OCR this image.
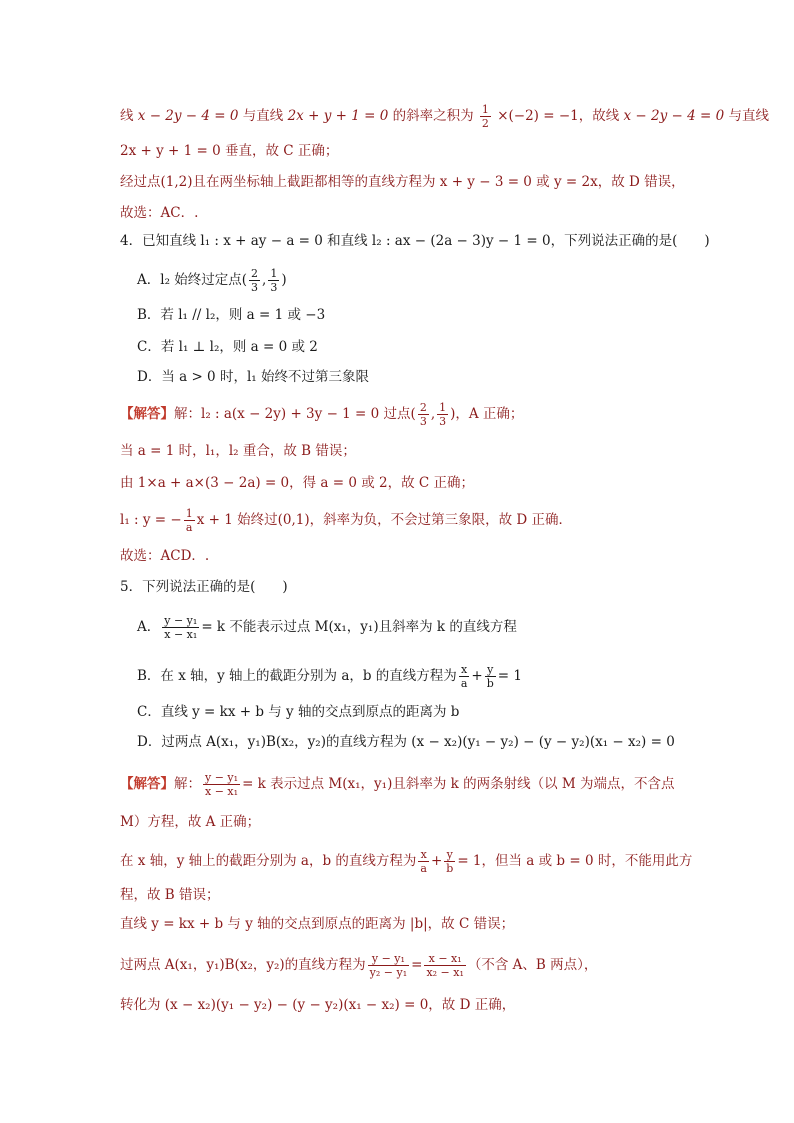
线 x − 2y − 4 = 0 与直线 2x + y + 1 = 0 的斜率之积为 $\frac{1}{2} \times(-2) = -1$，故线 x − 2y − 4 = 0 与直线
2x + y + 1 = 0 垂直，故 C 正确；
经过点(1,2)且在两坐标轴上截距都相等的直线方程为 x + y − 3 = 0 或 y = 2x，故 D 错误，
故选：AC．.
4．已知直线 l₁ : x + ay − a = 0 和直线 l₂ : ax − (2a − 3)y − 1 = 0，下列说法正确的是(　　)
A．l₂ 始终过定点( $\frac{2}{3}$ , $\frac{1}{3}$ )
B．若 l₁ // l₂，则 a = 1 或 −3
C．若 l₁ ⊥ l₂，则 a = 0 或 2
D．当 a > 0 时，l₁ 始终不过第三象限
【解答】解：l₂ : a(x − 2y) + 3y − 1 = 0 过点( $\frac{2}{3}$ , $\frac{1}{3}$ )，A 正确；
当 a = 1 时，l₁，l₂ 重合，故 B 错误；
由 1×a + a×(3 − 2a) = 0，得 a = 0 或 2，故 C 正确；
l₁ : y = − $\frac{1}{a}$ x + 1 始终过(0,1)，斜率为负，不会过第三象限，故 D 正确．
故选：ACD．.
5．下列说法正确的是(　　)
A． $\frac{\text{y − y₁}}{\text{x − x₁}} = k$ 不能表示过点 M(x₁，y₁)且斜率为 k 的直线方程
B．在 x 轴，y 轴上的截距分别为 a，b 的直线方程为 $\frac{x}{a} + \frac{y}{b} = 1$
C．直线 y = kx + b 与 y 轴的交点到原点的距离为 b
D．过两点 A(x₁，y₁)B(x₂，y₂)的直线方程为 (x − x₂)(y₁ − y₂) − (y − y₂)(x₁ − x₂) = 0
【解答】解： $\frac{\text{y − y₁}}{\text{x − x₁}} = k$ 表示过点 M(x₁，y₁)且斜率为 k 的两条射线（以 M 为端点，不含点
M）方程，故 A 正确；
在 x 轴，y 轴上的截距分别为 a，b 的直线方程为 $\frac{x}{a} + \frac{y}{b} = 1$，但当 a 或 b = 0 时，不能用此方
程，故 B 错误；
直线 y = kx + b 与 y 轴的交点到原点的距离为 |b|，故 C 错误；
过两点 A(x₁，y₁)B(x₂，y₂)的直线方程为 $\frac{\text{y − y₁}}{\text{y₂ − y₁}} = \frac{\text{x − x₁}}{\text{x₂ − x₁}}$ （不含 A、B 两点），
转化为 (x − x₂)(y₁ − y₂) − (y − y₂)(x₁ − x₂) = 0，故 D 正确，
